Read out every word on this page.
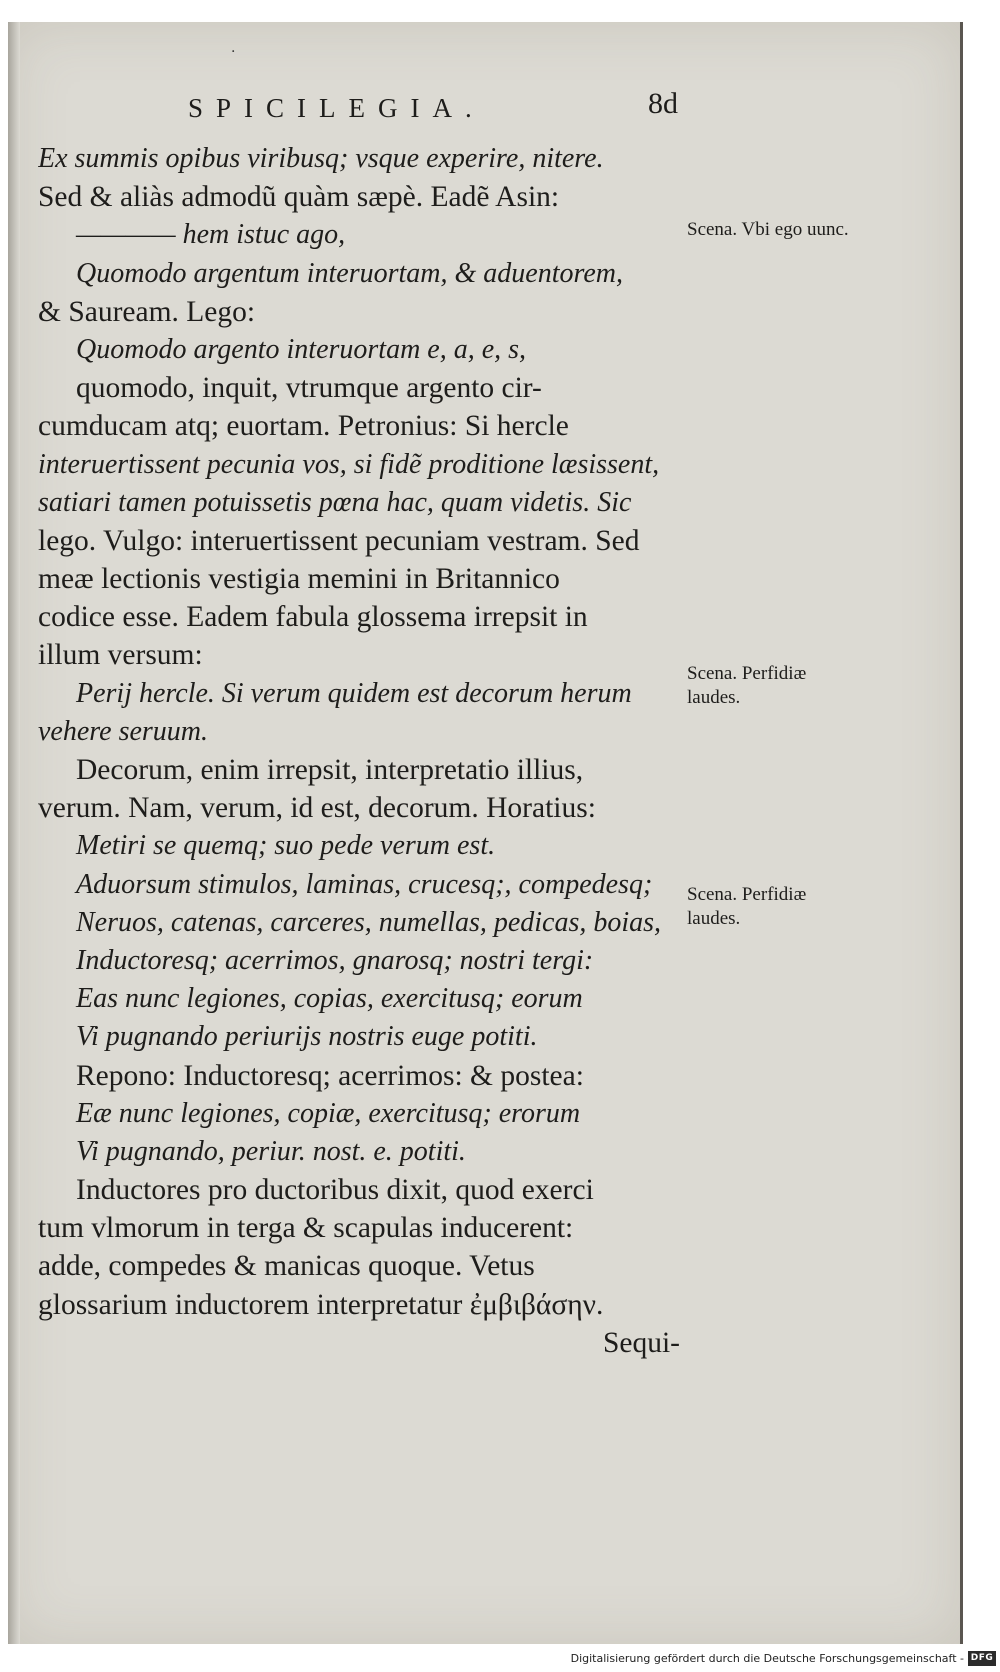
·
SPICILEGIA.	8d
Ex summis opibus viribusq; vsque experire, nitere.
Sed & aliàs admodũ quàm sæpè. Eadẽ Asin:
———— hem istuc ago,
Quomodo argentum interuortam, & aduentorem,
& Sauream. Lego:
Quomodo argento interuortam e, a, e, s,
quomodo, inquit, vtrumque argento cir-
cumducam atq; euortam. Petronius: Si hercle
interuertissent pecunia vos, si fidẽ proditione læsissent,
satiari tamen potuissetis pœna hac, quam videtis. Sic
lego. Vulgo: interuertissent pecuniam vestram. Sed
meæ lectionis vestigia memini in Britannico
codice esse. Eadem fabula glossema irrepsit in
illum versum:
Perij hercle. Si verum quidem est decorum herum
vehere seruum.
Decorum, enim irrepsit, interpretatio illius,
verum. Nam, verum, id est, decorum. Horatius:
Metiri se quemq; suo pede verum est.
Aduorsum stimulos, laminas, crucesq;, compedesq;
Neruos, catenas, carceres, numellas, pedicas, boias,
Inductoresq; acerrimos, gnarosq; nostri tergi:
Eas nunc legiones, copias, exercitusq; eorum
Vi pugnando periurijs nostris euge potiti.
Repono: Inductoresq; acerrimos: & postea:
Eæ nunc legiones, copiæ, exercitusq; erorum
Vi pugnando, periur. nost. e. potiti.
Inductores pro ductoribus dixit, quod exerci
tum vlmorum in terga & scapulas inducerent:
adde, compedes & manicas quoque. Vetus
glossarium inductorem interpretatur ἐμβιβάσην.
Sequi-
Scena. Vbi ego uunc.
Scena. Perfidiæ laudes.
Scena. Perfidiæ laudes.
Digitalisierung gefördert durch die Deutsche Forschungsgemeinschaft - DFG
